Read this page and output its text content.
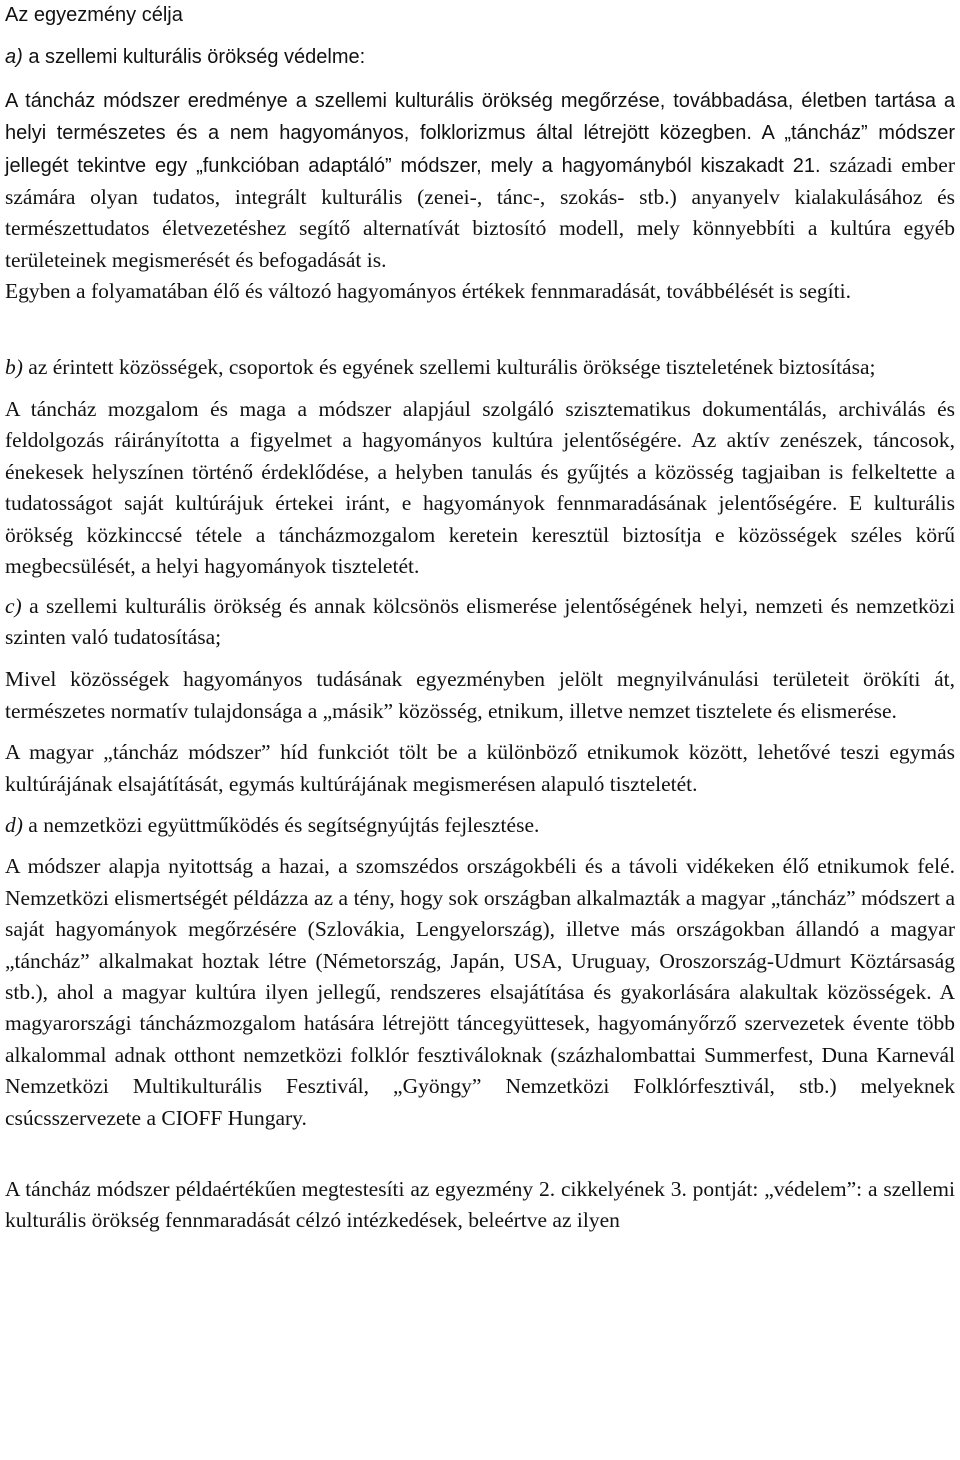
Az egyezmény célja

a) a szellemi kulturális örökség védelme:

A táncház módszer eredménye a szellemi kulturális örökség megőrzése, továbbadása, életben tartása a helyi természetes és a nem hagyományos, folklorizmus által létrejött közegben. A „táncház” módszer jellegét tekintve egy „funkcióban adaptáló” módszer, mely a hagyományból kiszakadt 21. századi ember számára olyan tudatos, integrált kulturális (zenei-, tánc-, szokás- stb.) anyanyelv kialakulásához és természettudatos életvezetéshez segítő alternatívát biztosító modell, mely könnyebbíti a kultúra egyéb területeinek megismerését és befogadását is.
Egyben a folyamatában élő és változó hagyományos értékek fennmaradását, továbbélését is segíti.

b) az érintett közösségek, csoportok és egyének szellemi kulturális öröksége tiszteletének biztosítása;

A táncház mozgalom és maga a módszer alapjául szolgáló szisztematikus dokumentálás, archiválás és feldolgozás ráirányította a figyelmet a hagyományos kultúra jelentőségére. Az aktív zenészek, táncosok, énekesek helyszínen történő érdeklődése, a helyben tanulás és gyűjtés a közösség tagjaiban is felkeltette a tudatosságot saját kultúrájuk értekei iránt, e hagyományok fennmaradásának jelentőségére. E kulturális örökség közkinccsé tétele a táncházmozgalom keretein keresztül biztosítja e közösségek széles körű megbecsülését, a helyi hagyományok tiszteletét.

c) a szellemi kulturális örökség és annak kölcsönös elismerése jelentőségének helyi, nemzeti és nemzetközi szinten való tudatosítása;

Mivel közösségek hagyományos tudásának egyezményben jelölt megnyilvánulási területeit örökíti át, természetes normatív tulajdonsága a „másik” közösség, etnikum, illetve nemzet tisztelete és elismerése.

A magyar „táncház módszer” híd funkciót tölt be a különböző etnikumok között, lehetővé teszi egymás kultúrájának elsajátítását, egymás kultúrájának megismerésen alapuló tiszteletét.

d) a nemzetközi együttműködés és segítségnyújtás fejlesztése.

A módszer alapja nyitottság a hazai, a szomszédos országokbéli és a távoli vidékeken élő etnikumok felé. Nemzetközi elismertségét példázza az a tény, hogy sok országban alkalmazták a magyar „táncház” módszert a saját hagyományok megőrzésére (Szlovákia, Lengyelország), illetve más országokban állandó a magyar „táncház” alkalmakat hoztak létre (Németország, Japán, USA, Uruguay, Oroszország-Udmurt Köztársaság stb.), ahol a magyar kultúra ilyen jellegű, rendszeres elsajátítása és gyakorlására alakultak közösségek. A magyarországi táncházmozgalom hatására létrejött táncegyüttesek, hagyományőrző szervezetek évente több alkalommal adnak otthont nemzetközi folklór fesztiváloknak (százhalombattai Summerfest, Duna Karnevál Nemzetközi Multikulturális Fesztivál, „Gyöngy” Nemzetközi Folklórfesztivál, stb.) melyeknek csúcsszervezete a CIOFF Hungary.

A táncház módszer példaértékűen megtestesíti az egyezmény 2. cikkelyének 3. pontját: „védelem”: a szellemi kulturális örökség fennmaradását célzó intézkedések, beleértve az ilyen
